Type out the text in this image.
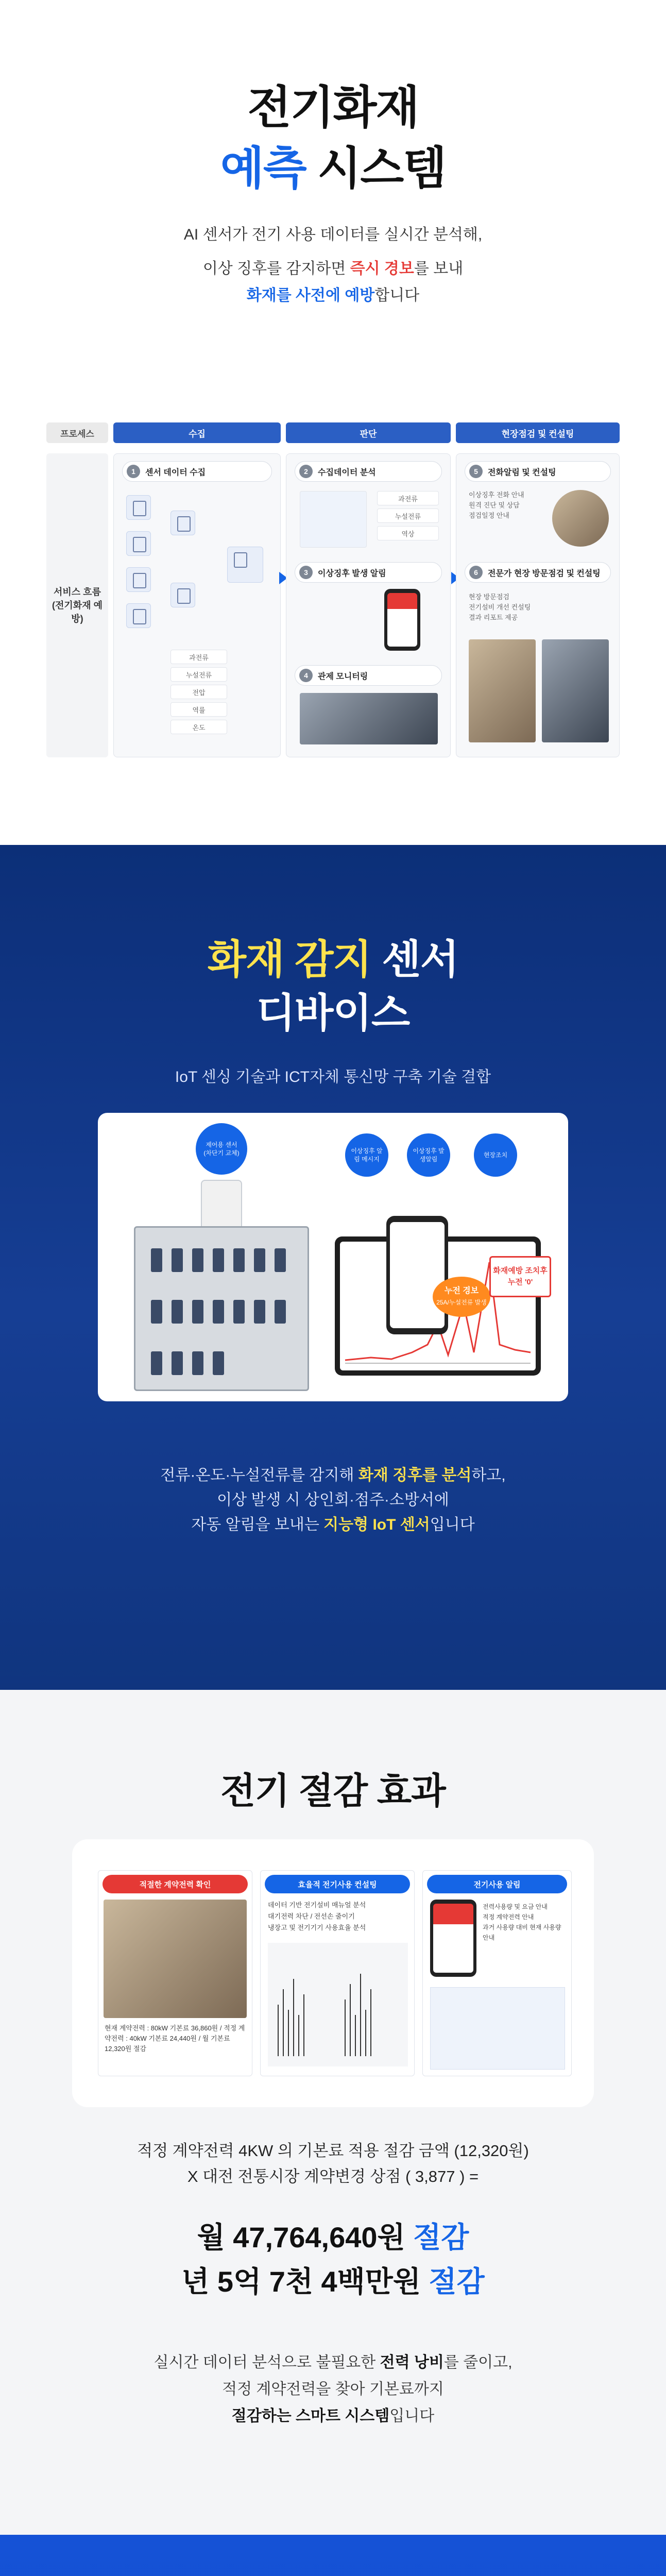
전기화재
예측 시스템
AI 센서가 전기 사용 데이터를 실시간 분석해,

이상 징후를 감지하면 즉시 경보를 보내
화재를 사전에 예방합니다
프로세스	수집	판단	현장점검 및 컨설팅
서비스 흐름 (전기화재 예방)
1	센서 데이터 수집
과전류
누설전류
전압
역률
온도
2	수집데이터 분석
과전류
누설전류
역상
3	이상징후 발생 알림
4	관제 모니터링
5	전화알림 및 컨설팅
이상징후 전화 안내
원격 진단 및 상담
점검일정 안내
6	전문가 현장 방문점검 및 컨설팅
현장 방문점검
전기설비 개선 컨설팅
결과 리포트 제공
화재 감지 센서
디바이스
IoT 센싱 기술과 ICT자체 통신망 구축 기술 결합
제어용 센서 (차단기 교체)	이상징후 알림 메시지
이상징후 발생알림
현장조치
누전 경보
25A/누설전류 발생
화재예방 조치후 누전 '0'
전류·온도·누설전류를 감지해 화재 징후를 분석하고,
이상 발생 시 상인회·점주·소방서에
자동 알림을 보내는 지능형 IoT 센서입니다
전기 절감 효과
적절한 계약전력 확인
현재 계약전력 : 80kW 기본료 36,860원 / 적정 계약전력 : 40kW 기본료 24,440원 / 월 기본료 12,320원 절감
효율적 전기사용 컨설팅
데이터 기반 전기설비 매뉴얼 분석
대기전력 차단 / 전선손 줄이기
냉장고 및 전기기기 사용효율 분석
전기사용 알림
전력사용량 및 요금 안내
적정 계약전력 안내
과거 사용량 대비 현재 사용량 안내
적정 계약전력 4KW 의 기본료 적용 절감 금액 (12,320원)
X 대전 전통시장 계약변경 상점 ( 3,877 ) =
월 47,764,640원 절감
년 5억 7천 4백만원 절감
실시간 데이터 분석으로 불필요한 전력 낭비를 줄이고,
적정 계약전력을 찾아 기본료까지
절감하는 스마트 시스템입니다
